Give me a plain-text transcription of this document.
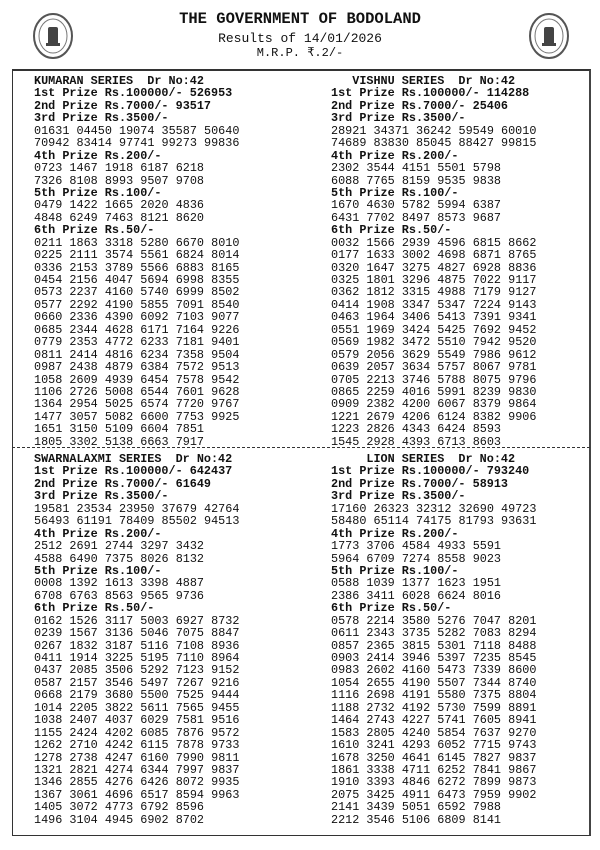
THE GOVERNMENT OF BODOLAND
Results of 14/01/2026
M.R.P. ₹.2/-
KUMARAN SERIES  Dr No:42
1st Prize Rs.100000/- 526953
2nd Prize Rs.7000/- 93517
3rd Prize Rs.3500/-
01631 04450 19074 35587 50640
70942 83414 97741 99273 99836
4th Prize Rs.200/-
0723 1467 1918 6187 6218
7326 8108 8993 9507 9708
5th Prize Rs.100/-
0479 1422 1665 2020 4836
4848 6249 7463 8121 8620
6th Prize Rs.50/-
0211 1863 3318 5280 6670 8010
0225 2111 3574 5561 6824 8014
0336 2153 3789 5566 6883 8165
0454 2156 4047 5694 6998 8355
0573 2237 4160 5740 6999 8502
0577 2292 4190 5855 7091 8540
0660 2336 4390 6092 7103 9077
0685 2344 4628 6171 7164 9226
0779 2353 4772 6233 7181 9401
0811 2414 4816 6234 7358 9504
0987 2438 4879 6384 7572 9513
1058 2609 4939 6454 7578 9542
1106 2726 5008 6544 7601 9628
1364 2954 5025 6574 7720 9767
1477 3057 5082 6600 7753 9925
1651 3150 5109 6604 7851
1805 3302 5138 6663 7917
VISHNU SERIES  Dr No:42
1st Prize Rs.100000/- 114288
2nd Prize Rs.7000/- 25406
3rd Prize Rs.3500/-
28921 34371 36242 59549 60010
74689 83830 85045 88427 99815
4th Prize Rs.200/-
2302 3544 4151 5501 5798
6088 7765 8159 9535 9838
5th Prize Rs.100/-
1670 4630 5782 5994 6387
6431 7702 8497 8573 9687
6th Prize Rs.50/-
0032 1566 2939 4596 6815 8662
0177 1633 3002 4698 6871 8765
0320 1647 3275 4827 6928 8836
0325 1801 3296 4875 7022 9117
0362 1812 3315 4988 7179 9127
0414 1908 3347 5347 7224 9143
0463 1964 3406 5413 7391 9341
0551 1969 3424 5425 7692 9452
0569 1982 3472 5510 7942 9520
0579 2056 3629 5549 7986 9612
0639 2057 3634 5757 8067 9781
0705 2213 3746 5788 8075 9796
0865 2259 4016 5991 8239 9830
0909 2382 4200 6067 8379 9864
1221 2679 4206 6124 8382 9906
1223 2826 4343 6424 8593
1545 2928 4393 6713 8603
SWARNALAXMI SERIES  Dr No:42
1st Prize Rs.100000/- 642437
2nd Prize Rs.7000/- 61649
3rd Prize Rs.3500/-
19581 23534 23950 37679 42764
56493 61191 78409 85502 94513
4th Prize Rs.200/-
2512 2691 2744 3297 3432
4588 6490 7375 8026 8132
5th Prize Rs.100/-
0008 1392 1613 3398 4887
6708 6763 8563 9565 9736
6th Prize Rs.50/-
0162 1526 3117 5003 6927 8732
0239 1567 3136 5046 7075 8847
0267 1832 3187 5116 7108 8936
0411 1914 3225 5195 7110 8964
0437 2085 3506 5292 7123 9152
0587 2157 3546 5497 7267 9216
0668 2179 3680 5500 7525 9444
1014 2205 3822 5611 7565 9455
1038 2407 4037 6029 7581 9516
1155 2424 4202 6085 7876 9572
1262 2710 4242 6115 7878 9733
1278 2738 4247 6160 7990 9811
1321 2821 4274 6344 7997 9837
1346 2855 4276 6426 8072 9935
1367 3061 4696 6517 8594 9963
1405 3072 4773 6792 8596
1496 3104 4945 6902 8702
LION SERIES  Dr No:42
1st Prize Rs.100000/- 793240
2nd Prize Rs.7000/- 58913
3rd Prize Rs.3500/-
17160 26323 32312 32690 49723
58480 65114 74175 81793 93631
4th Prize Rs.200/-
1773 3706 4584 4933 5591
5964 6709 7274 8558 9023
5th Prize Rs.100/-
0588 1039 1377 1623 1951
2386 3411 6028 6624 8016
6th Prize Rs.50/-
0578 2214 3580 5276 7047 8201
0611 2343 3735 5282 7083 8294
0857 2365 3815 5301 7118 8488
0903 2414 3946 5397 7235 8545
0983 2602 4160 5473 7339 8600
1054 2655 4190 5507 7344 8740
1116 2698 4191 5580 7375 8804
1188 2732 4192 5730 7599 8891
1464 2743 4227 5741 7605 8941
1583 2805 4240 5854 7637 9270
1610 3241 4293 6052 7715 9743
1678 3250 4641 6145 7827 9837
1861 3338 4711 6252 7841 9867
1910 3393 4846 6272 7899 9873
2075 3425 4911 6473 7959 9902
2141 3439 5051 6592 7988
2212 3546 5106 6809 8141
